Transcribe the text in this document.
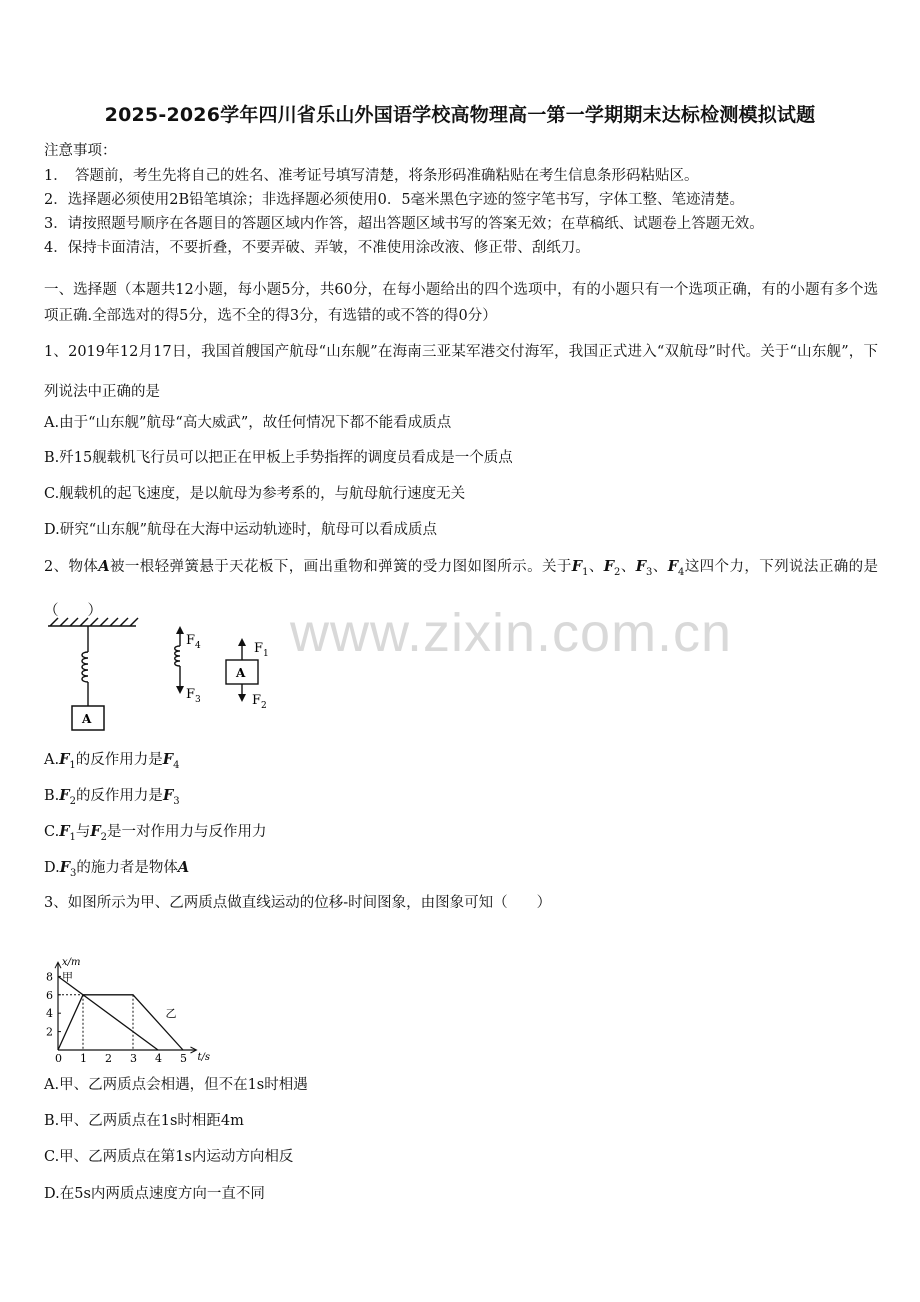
2025-2026学年四川省乐山外国语学校高物理高一第一学期期末达标检测模拟试题
注意事项：
1．　答题前，考生先将自己的姓名、准考证号填写清楚，将条形码准确粘贴在考生信息条形码粘贴区。
2．选择题必须使用2B铅笔填涂；非选择题必须使用0．5毫米黑色字迹的签字笔书写，字体工整、笔迹清楚。
3．请按照题号顺序在各题目的答题区域内作答，超出答题区域书写的答案无效；在草稿纸、试题卷上答题无效。
4．保持卡面清洁，不要折叠，不要弄破、弄皱，不准使用涂改液、修正带、刮纸刀。
一、选择题（本题共12小题，每小题5分，共60分，在每小题给出的四个选项中，有的小题只有一个选项正确，有的小题有多个选项正确.全部选对的得5分，选不全的得3分，有选错的或不答的得0分）
1、2019年12月17日，我国首艘国产航母“山东舰”在海南三亚某军港交付海军，我国正式进入“双航母”时代。关于“山东舰”，下列说法中正确的是
A.由于“山东舰”航母“高大威武”，故任何情况下都不能看成质点
B.歼15舰载机飞行员可以把正在甲板上手势指挥的调度员看成是一个质点
C.舰载机的起飞速度，是以航母为参考系的，与航母航行速度无关
D.研究“山东舰”航母在大海中运动轨迹时，航母可以看成质点
2、物体A被一根轻弹簧悬于天花板下，画出重物和弹簧的受力图如图所示。关于$F_1$、$F_2$、$F_3$、$F_4$这四个力，下列说法正确的是（　　）
A
$F_4$
$F_3$
A
$F_1$
$F_2$
www.zixin.com.cn
$A.F_1$的反作用力是$F_4$
$B.F_2$的反作用力是$F_3$
$C.F_1$与$F_2$是一对作用力与反作用力
$D.F_3$的施力者是物体A
3、如图所示为甲、乙两质点做直线运动的位移-时间图象，由图象可知（　　）
x/m
t/s
0 1 2 3 4 5
2
4
6
8 甲
乙
A.甲、乙两质点会相遇，但不在1s时相遇
B.甲、乙两质点在1s时相距4m
C.甲、乙两质点在第1s内运动方向相反
D.在5s内两质点速度方向一直不同
